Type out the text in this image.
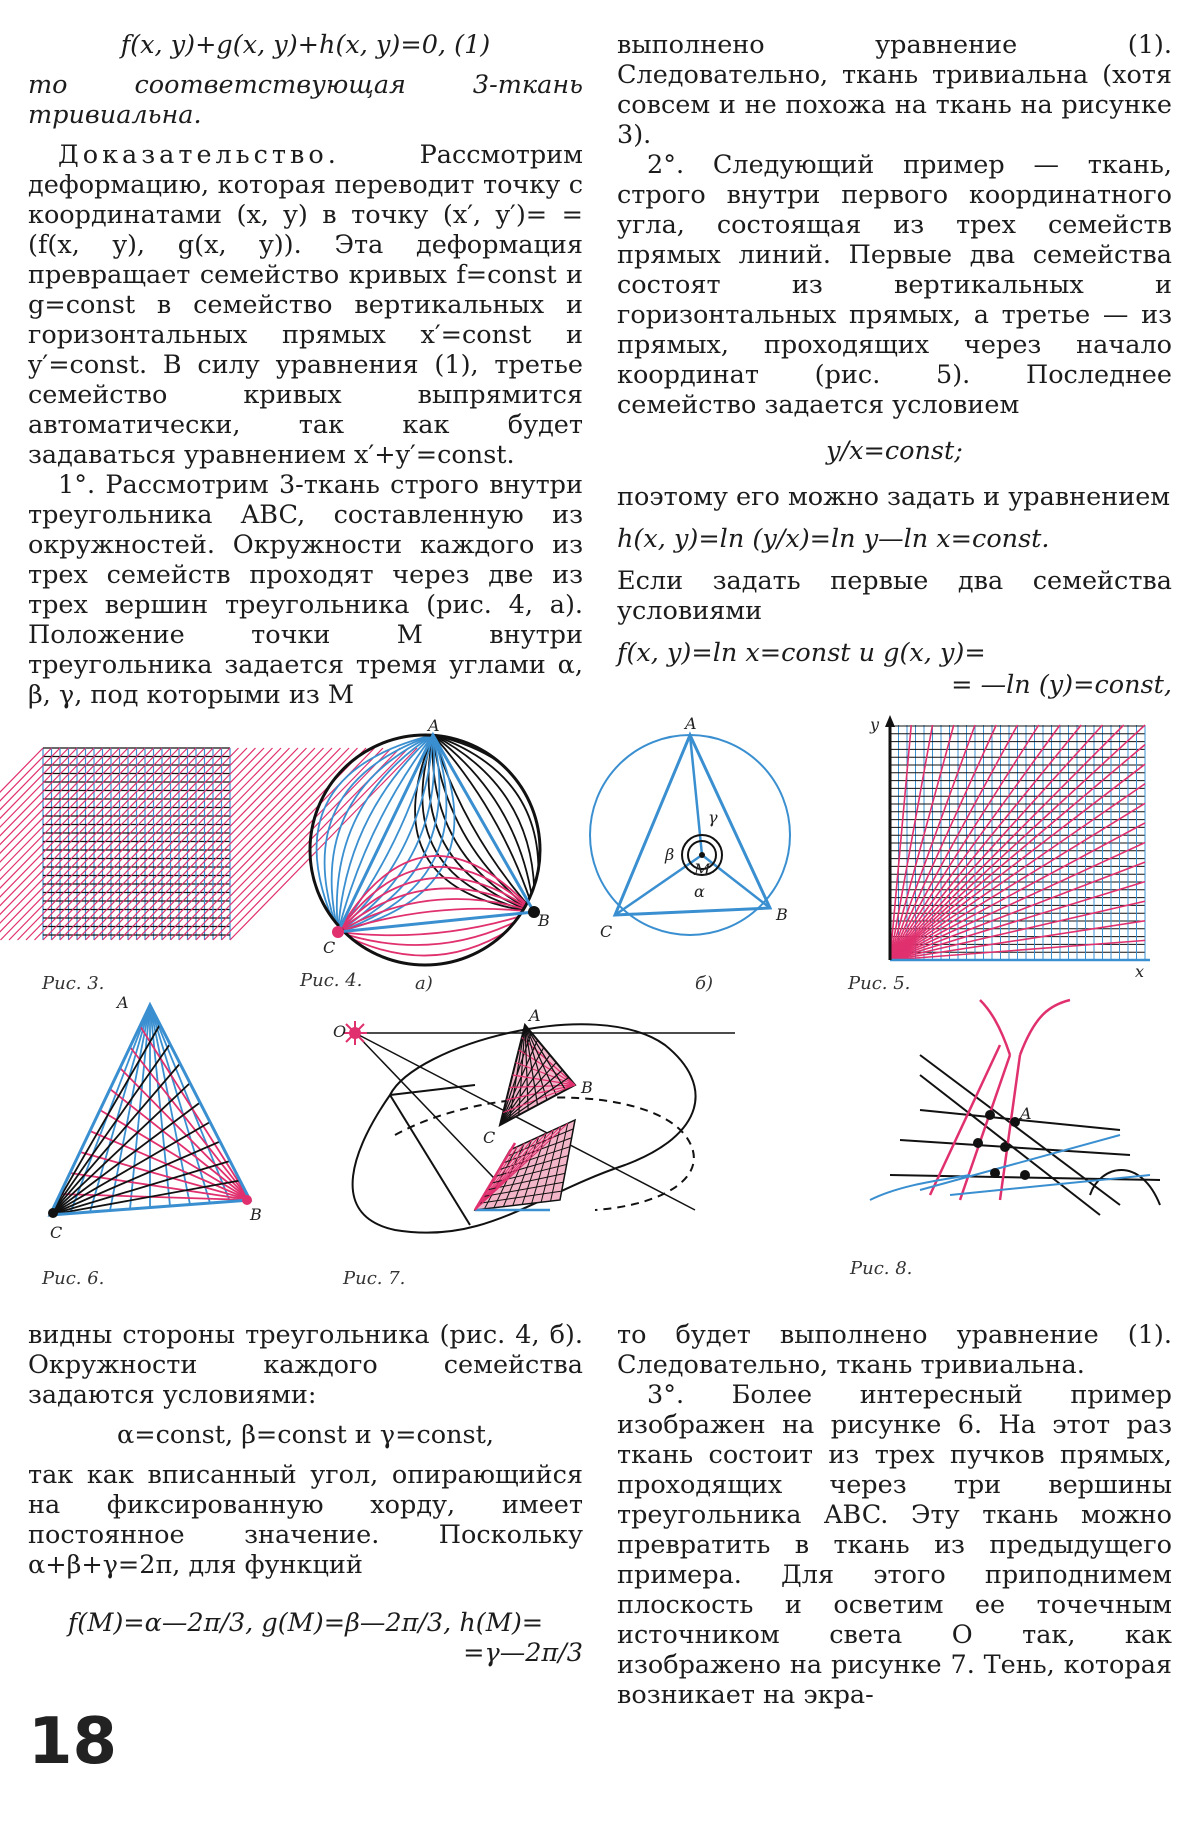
f(x, y)+g(x, y)+h(x, y)=0, (1)

то соответствующая 3-ткань тривиальна.

Доказательство.	Рассмотрим деформацию, которая переводит точку с координатами (x, y) в точку (x′, y′)= =(f(x, y), g(x, y)). Эта деформация превращает семейство кривых f=const и g=const в семейство вертикальных и горизонтальных прямых x′=const и y′=const. В силу уравнения (1), третье семейство кривых выпрямится автоматически, так как будет задаваться уравнением x′+y′=const.

1°. Рассмотрим 3-ткань строго внутри треугольника ABC, составленную из окружностей. Окружности каждого из трех семейств проходят через две из трех вершин треугольника (рис. 4, а). Положение точки M внутри треугольника задается тремя углами α, β, γ, под которыми из M

выполнено уравнение (1). Следовательно, ткань тривиальна (хотя совсем и не похожа на ткань на рисунке 3).

2°. Следующий пример — ткань, строго внутри первого координатного угла, состоящая из трех семейств прямых линий. Первые два семейства состоят из вертикальных и горизонтальных прямых, а третье — из прямых, проходящих через начало координат (рис. 5). Последнее семейство задается условием

y/x=const;

поэтому его можно задать и уравнением

h(x, y)=ln (y/x)=ln y—ln x=const.

Если задать первые два семейства условиями

f(x, y)=ln x=const и g(x, y)=

= —ln (y)=const,

Рис. 3.
A
B
C
Рис. 4.	а)
A
B
C
M
γ
β
α
б)
y
x
Рис. 5.
A
B
C
Рис. 6.
O
A
B
C
Рис. 7.
A
Рис. 8.

видны стороны треугольника (рис. 4, б). Окружности каждого семейства задаются условиями:

α=const, β=const и γ=const,

так как вписанный угол, опирающийся на фиксированную хорду, имеет постоянное значение. Поскольку α+β+γ=2π, для функций

f(M)=α—2π/3, g(M)=β—2π/3, h(M)=

=γ—2π/3

то будет выполнено уравнение (1). Следовательно, ткань тривиальна.

3°. Более интересный пример изображен на рисунке 6. На этот раз ткань состоит из трех пучков прямых, проходящих через три вершины треугольника ABC. Эту ткань можно превратить в ткань из предыдущего примера. Для этого приподнимем плоскость и осветим ее точечным источником света O так, как изображено на рисунке 7. Тень, которая возникает на экра-

18
